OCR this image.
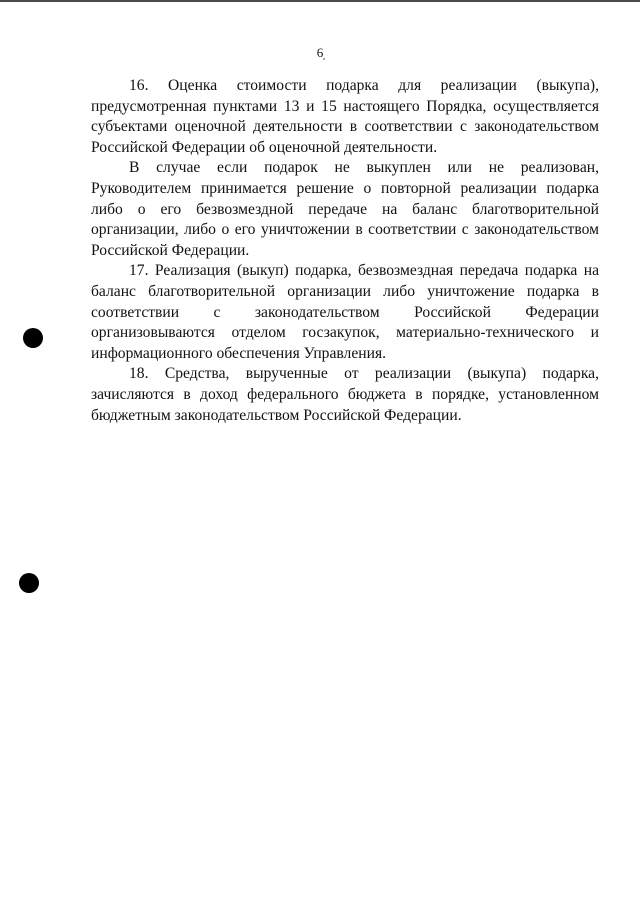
6

16. Оценка стоимости подарка для реализации (выкупа), предусмотренная пунктами 13 и 15 настоящего Порядка, осуществляется субъектами оценочной деятельности в соответствии с законодательством Российской Федерации об оценочной деятельности.

В случае если подарок не выкуплен или не реализован, Руководителем принимается решение о повторной реализации подарка либо о его безвозмездной передаче на баланс благотворительной организации, либо о его уничтожении в соответствии с законодательством Российской Федерации.

17. Реализация (выкуп) подарка, безвозмездная передача подарка на баланс благотворительной организации либо уничтожение подарка в соответствии с законодательством Российской Федерации организовываются отделом госзакупок, материально-технического и информационного обеспечения Управления.

18. Средства, вырученные от реализации (выкупа) подарка, зачисляются в доход федерального бюджета в порядке, установленном бюджетным законодательством Российской Федерации.
